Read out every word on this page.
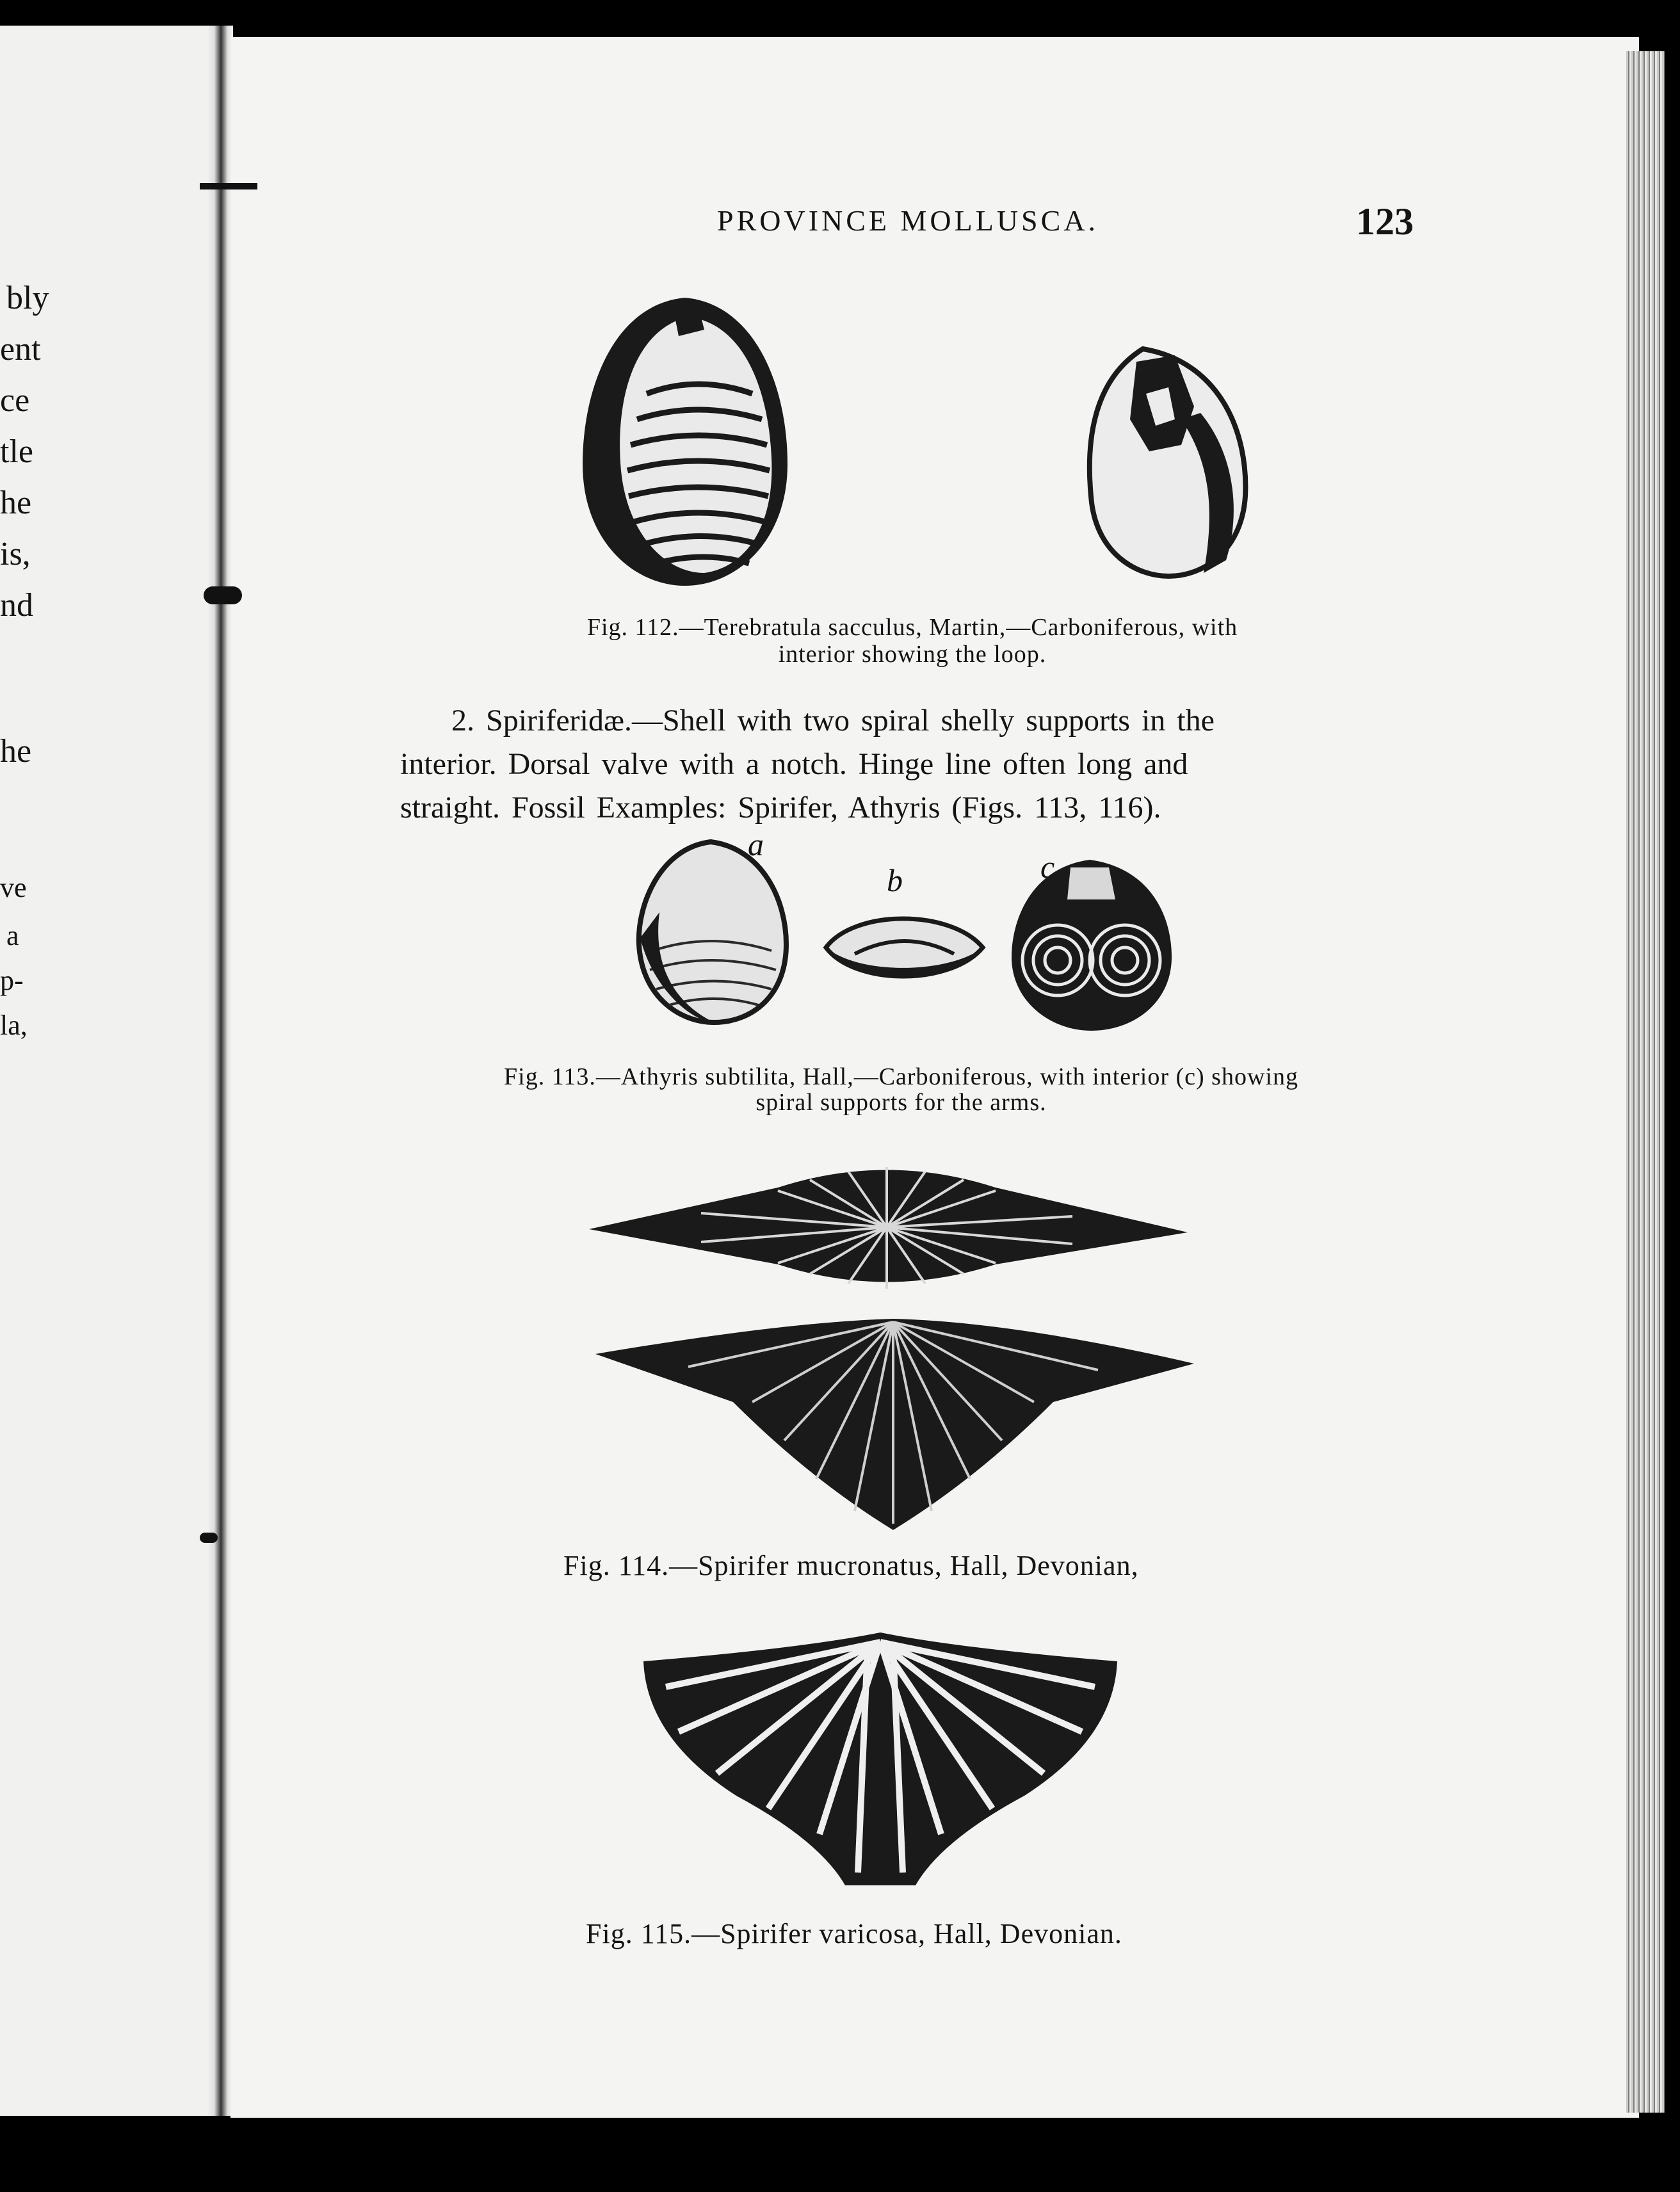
bly
ent
ce
tle
he
is,
nd
he
ve
a
p-
la,
PROVINCE MOLLUSCA.	123
Fig. 112.—Terebratula sacculus, Martin,—Carboniferous, with
interior showing the loop.
2. Spiriferidæ.—Shell with two spiral shelly supports in the
interior. Dorsal valve with a notch. Hinge line often long and
straight. Fossil Examples: Spirifer, Athyris (Figs. 113, 116).
a
b	c
Fig. 113.—Athyris subtilita, Hall,—Carboniferous, with interior (c) showing
spiral supports for the arms.
Fig. 114.—Spirifer mucronatus, Hall, Devonian,
Fig. 115.—Spirifer varicosa, Hall, Devonian.
